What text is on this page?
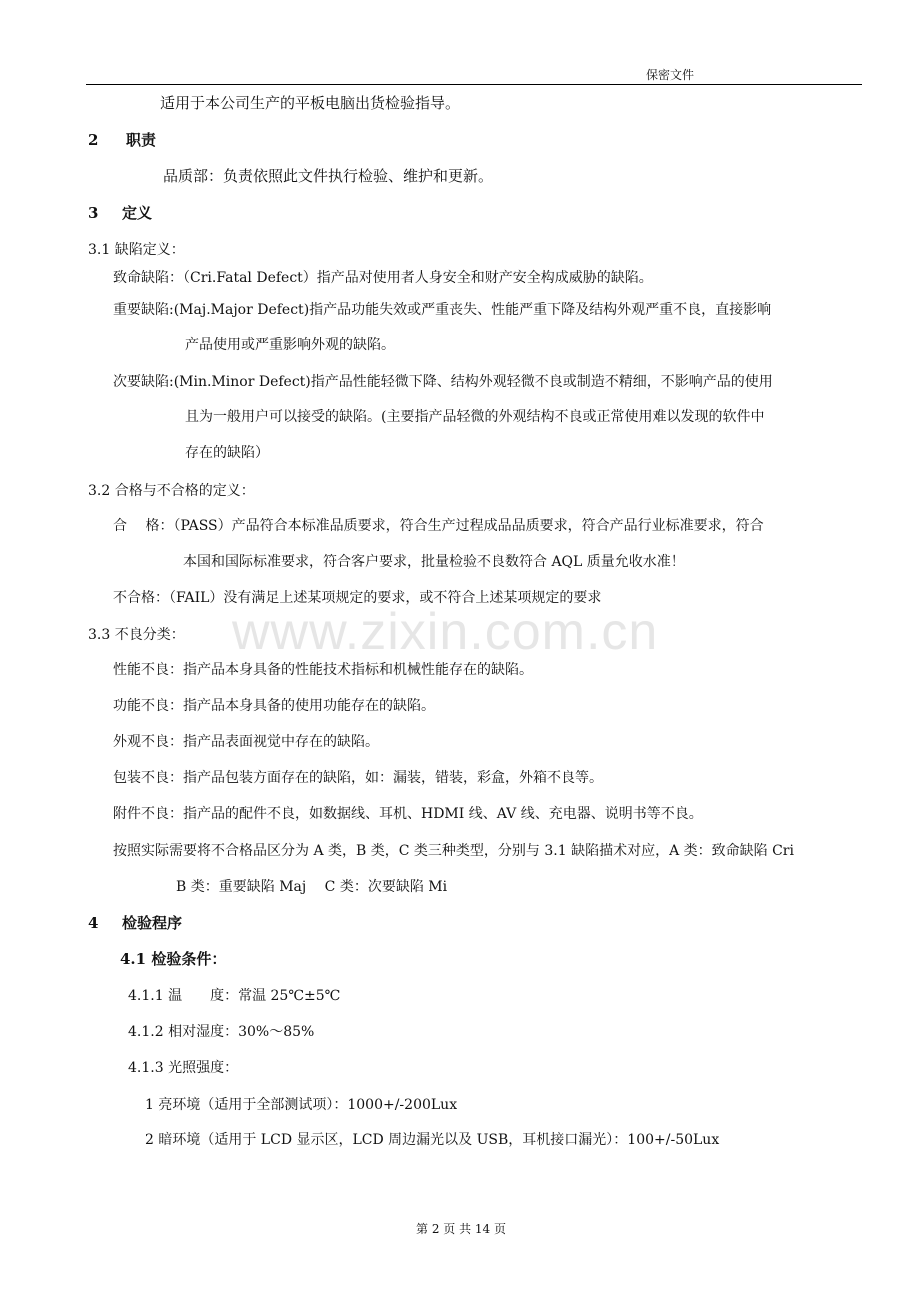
保密文件
www.zixin.com.cn
适用于本公司生产的平板电脑出货检验指导。
2 职责
品质部：负责依照此文件执行检验、维护和更新。
3 定义
3.1 缺陷定义：
致命缺陷：（Cri.Fatal Defect）指产品对使用者人身安全和财产安全构成威胁的缺陷。
重要缺陷:(Maj.Major Defect)指产品功能失效或严重丧失、性能严重下降及结构外观严重不良，直接影响
产品使用或严重影响外观的缺陷。
次要缺陷:(Min.Minor Defect)指产品性能轻微下降、结构外观轻微不良或制造不精细，不影响产品的使用
且为一般用户可以接受的缺陷。(主要指产品轻微的外观结构不良或正常使用难以发现的软件中
存在的缺陷）
3.2 合格与不合格的定义：
合　 格：（PASS）产品符合本标准品质要求，符合生产过程成品品质要求，符合产品行业标准要求，符合
本国和国际标准要求，符合客户要求，批量检验不良数符合 AQL 质量允收水准！
不合格：（FAIL）没有满足上述某项规定的要求，或不符合上述某项规定的要求
3.3 不良分类：
性能不良：指产品本身具备的性能技术指标和机械性能存在的缺陷。
功能不良：指产品本身具备的使用功能存在的缺陷。
外观不良：指产品表面视觉中存在的缺陷。
包装不良：指产品包装方面存在的缺陷，如：漏装，错装，彩盒，外箱不良等。
附件不良：指产品的配件不良，如数据线、耳机、HDMI 线、AV 线、充电器、说明书等不良。
按照实际需要将不合格品区分为 A 类，B 类，C 类三种类型，分别与 3.1 缺陷描术对应，A 类：致命缺陷 Cri
B 类：重要缺陷 Maj　 C 类：次要缺陷 Mi
4 检验程序
4.1 检验条件：
4.1.1 温　　度：常温 25℃±5℃
4.1.2 相对湿度：30%～85%
4.1.3 光照强度：
1 亮环境（适用于全部测试项）：1000+/-200Lux
2 暗环境（适用于 LCD 显示区，LCD 周边漏光以及 USB，耳机接口漏光）：100+/-50Lux
第 2 页 共 14 页
